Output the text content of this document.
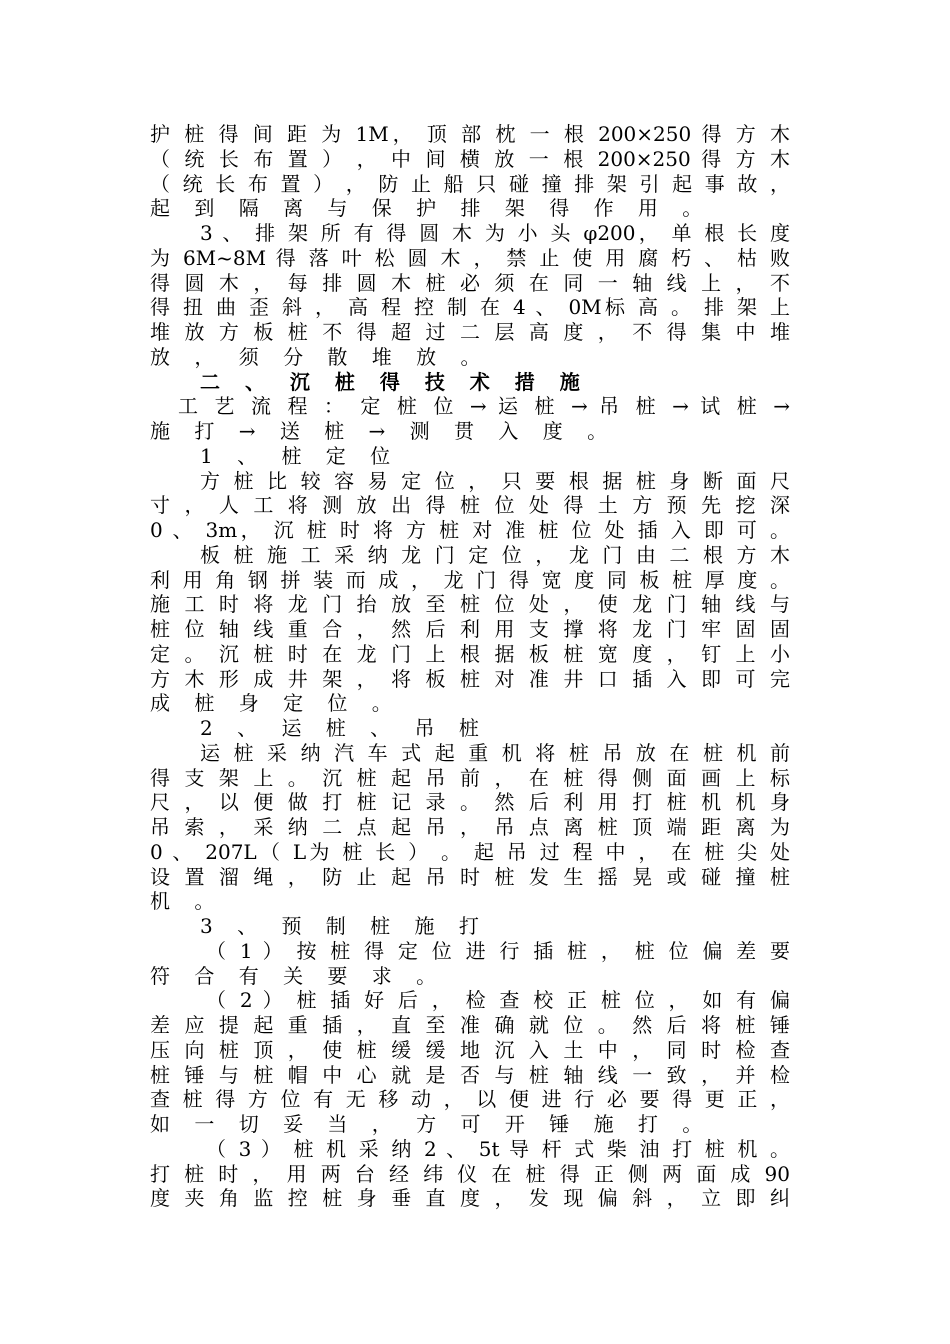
护 桩 得 间 距 为 1M， 顶 部 枕 一 根 200×250 得 方 木
（ 统 长 布 置 ） ， 中 间 横 放 一 根 200×250 得 方 木
（ 统 长 布 置 ） ， 防 止 船 只 碰 撞 排 架 引 起 事 故 ，
起 到 隔 离 与 保 护 排 架 得 作 用 。
3 、 排 架 所 有 得 圆 木 为 小 头 φ200， 单 根 长 度
为 6M~8M 得 落 叶 松 圆 木 ， 禁 止 使 用 腐 朽 、 枯 败
得 圆 木 ， 每 排 圆 木 桩 必 须 在 同 一 轴 线 上 ， 不
得 扭 曲 歪 斜 ， 高 程 控 制 在 4 、 0M标 高 。 排 架 上
堆 放 方 板 桩 不 得 超 过 二 层 高 度 ， 不 得 集 中 堆
放 ， 须 分 散 堆 放 。
二 、 沉 桩 得 技 术 措 施
工 艺 流 程 ： 定 桩 位 → 运 桩 → 吊 桩 → 试 桩 →
施 打 → 送 桩 → 测 贯 入 度 。
1 、 桩 定 位
方 桩 比 较 容 易 定 位 ， 只 要 根 据 桩 身 断 面 尺
寸 ， 人 工 将 测 放 出 得 桩 位 处 得 土 方 预 先 挖 深
0 、 3m， 沉 桩 时 将 方 桩 对 准 桩 位 处 插 入 即 可 。
板 桩 施 工 采 纳 龙 门 定 位 ， 龙 门 由 二 根 方 木
利 用 角 钢 拼 装 而 成 ， 龙 门 得 宽 度 同 板 桩 厚 度 。
施 工 时 将 龙 门 抬 放 至 桩 位 处 ， 使 龙 门 轴 线 与
桩 位 轴 线 重 合 ， 然 后 利 用 支 撑 将 龙 门 牢 固 固
定 。 沉 桩 时 在 龙 门 上 根 据 板 桩 宽 度 ， 钉 上 小
方 木 形 成 井 架 ， 将 板 桩 对 准 井 口 插 入 即 可 完
成 桩 身 定 位 。
2 、 运 桩 、 吊 桩
运 桩 采 纳 汽 车 式 起 重 机 将 桩 吊 放 在 桩 机 前
得 支 架 上 。 沉 桩 起 吊 前 ， 在 桩 得 侧 面 画 上 标
尺 ， 以 便 做 打 桩 记 录 。 然 后 利 用 打 桩 机 机 身
吊 索 ， 采 纳 二 点 起 吊 ， 吊 点 离 桩 顶 端 距 离 为
0 、 207L（ L为 桩 长 ） 。 起 吊 过 程 中 ， 在 桩 尖 处
设 置 溜 绳 ， 防 止 起 吊 时 桩 发 生 摇 晃 或 碰 撞 桩
机 。
3 、 预 制 桩 施 打
（ 1 ） 按 桩 得 定 位 进 行 插 桩 ， 桩 位 偏 差 要
符 合 有 关 要 求 。
（ 2 ） 桩 插 好 后 ， 检 查 校 正 桩 位 ， 如 有 偏
差 应 提 起 重 插 ， 直 至 准 确 就 位 。 然 后 将 桩 锤
压 向 桩 顶 ， 使 桩 缓 缓 地 沉 入 土 中 ， 同 时 检 查
桩 锤 与 桩 帽 中 心 就 是 否 与 桩 轴 线 一 致 ， 并 检
查 桩 得 方 位 有 无 移 动 ， 以 便 进 行 必 要 得 更 正 ，
如 一 切 妥 当 ， 方 可 开 锤 施 打 。
（ 3 ） 桩 机 采 纳 2 、 5t 导 杆 式 柴 油 打 桩 机 。
打 桩 时 ， 用 两 台 经 纬 仪 在 桩 得 正 侧 两 面 成 90
度 夹 角 监 控 桩 身 垂 直 度 ， 发 现 偏 斜 ， 立 即 纠
